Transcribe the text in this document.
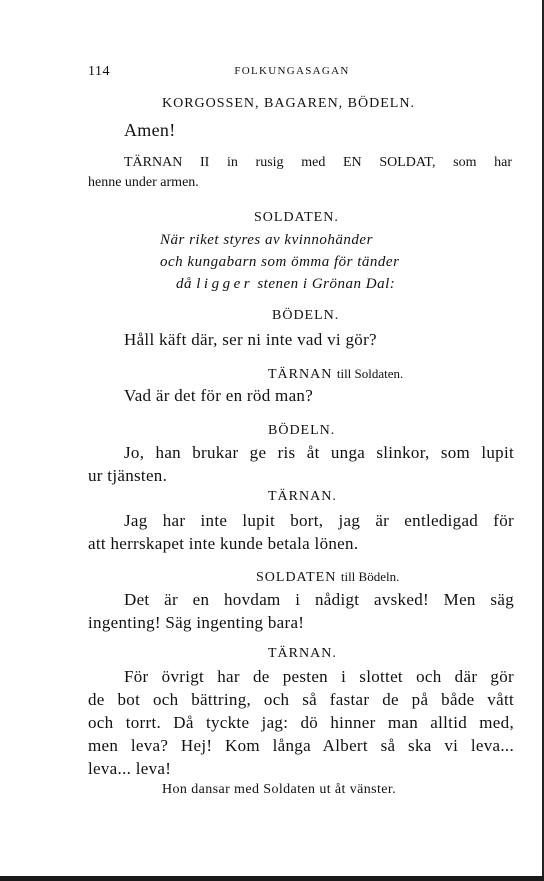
114	FOLKUNGASAGAN
KORGOSSEN, BAGAREN, BÖDELN.
Amen!
TÄRNAN II in rusig med EN SOLDAT, som har
henne under armen.
SOLDATEN.
När riket styres av kvinnohänder
och kungabarn som ömma för tänder
då ligger stenen i Grönan Dal:
BÖDELN.
Håll käft där, ser ni inte vad vi gör?
TÄRNAN till Soldaten.
Vad är det för en röd man?
BÖDELN.
Jo, han brukar ge ris åt unga slinkor, som lupit
ur tjänsten.
TÄRNAN.
Jag har inte lupit bort, jag är entledigad för
att herrskapet inte kunde betala lönen.
SOLDATEN till Bödeln.
Det är en hovdam i nådigt avsked! Men säg
ingenting! Säg ingenting bara!
TÄRNAN.
För övrigt har de pesten i slottet och där gör
de bot och bättring, och så fastar de på både vått
och torrt. Då tyckte jag: dö hinner man alltid med,
men leva? Hej! Kom långa Albert så ska vi leva...
leva... leva!
Hon dansar med Soldaten ut åt vänster.
